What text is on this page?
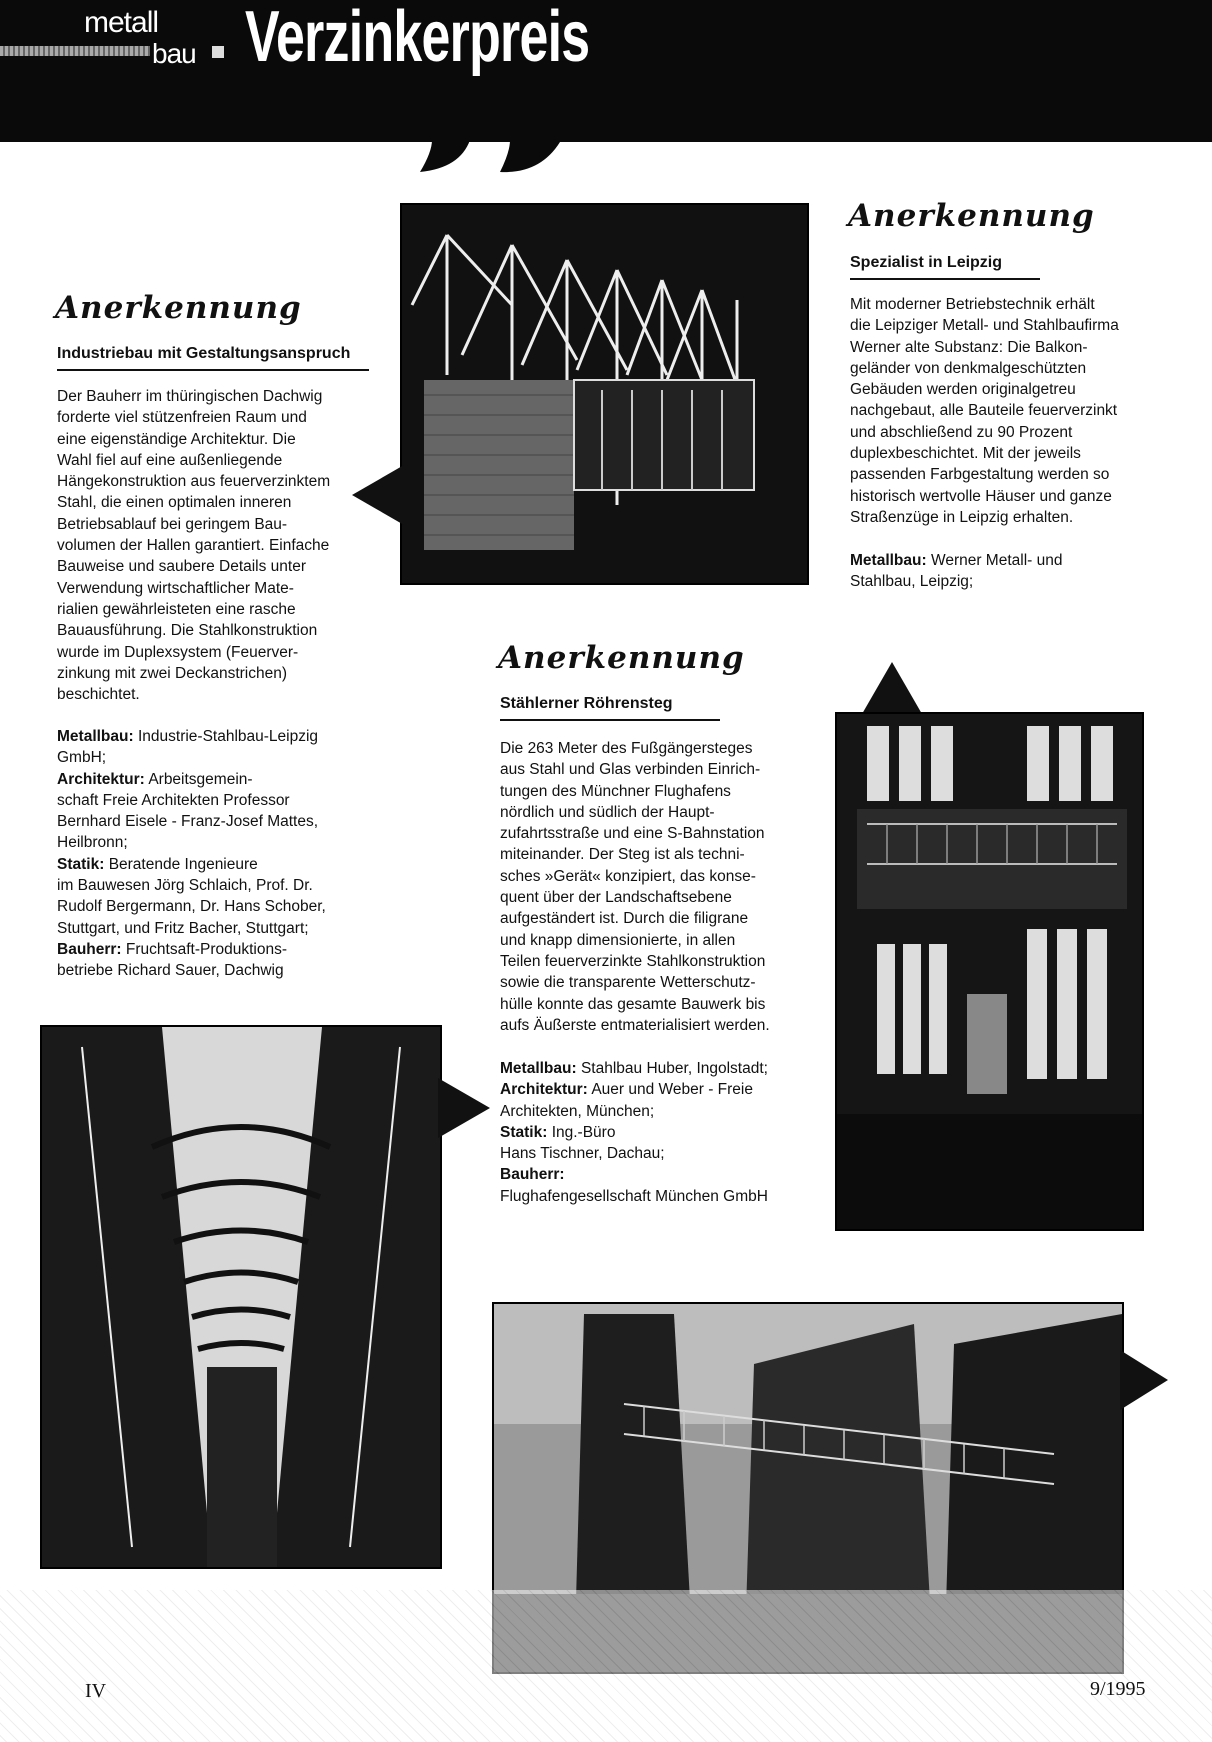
metall
bau Verzinkerpreis
Anerkennung
Industriebau mit Gestaltungsanspruch
Der Bauherr im thüringischen Dachwig
forderte viel stützenfreien Raum und
eine eigenständige Architektur. Die
Wahl fiel auf eine außenliegende
Hängekonstruktion aus feuerverzinktem
Stahl, die einen optimalen inneren
Betriebsablauf bei geringem Bau-
volumen der Hallen garantiert. Einfache
Bauweise und saubere Details unter
Verwendung wirtschaftlicher Mate-
rialien gewährleisteten eine rasche
Bauausführung. Die Stahlkonstruktion
wurde im Duplexsystem (Feuerver-
zinkung mit zwei Deckanstrichen)
beschichtet.
Metallbau: Industrie-Stahlbau-Leipzig
GmbH;
Architektur: Arbeitsgemein-
schaft Freie Architekten Professor
Bernhard Eisele - Franz-Josef Mattes,
Heilbronn;
Statik: Beratende Ingenieure
im Bauwesen Jörg Schlaich, Prof. Dr.
Rudolf Bergermann, Dr. Hans Schober,
Stuttgart, und Fritz Bacher, Stuttgart;
Bauherr: Fruchtsaft-Produktions-
betriebe Richard Sauer, Dachwig
Anerkennung
Spezialist in Leipzig
Mit moderner Betriebstechnik erhält
die Leipziger Metall- und Stahlbaufirma
Werner alte Substanz: Die Balkon-
geländer von denkmalgeschützten
Gebäuden werden originalgetreu
nachgebaut, alle Bauteile feuerverzinkt
und abschließend zu 90 Prozent
duplexbeschichtet. Mit der jeweils
passenden Farbgestaltung werden so
historisch wertvolle Häuser und ganze
Straßenzüge in Leipzig erhalten.
Metallbau: Werner Metall- und
Stahlbau, Leipzig;
Anerkennung
Stählerner Röhrensteg
Die 263 Meter des Fußgängersteges
aus Stahl und Glas verbinden Einrich-
tungen des Münchner Flughafens
nördlich und südlich der Haupt-
zufahrtsstraße und eine S-Bahnstation
miteinander. Der Steg ist als techni-
sches »Gerät« konzipiert, das konse-
quent über der Landschaftsebene
aufgeständert ist. Durch die filigrane
und knapp dimensionierte, in allen
Teilen feuerverzinkte Stahlkonstruktion
sowie die transparente Wetterschutz-
hülle konnte das gesamte Bauwerk bis
aufs Äußerste entmaterialisiert werden.
Metallbau: Stahlbau Huber, Ingolstadt;
Architektur: Auer und Weber - Freie
Architekten, München;
Statik: Ing.-Büro
Hans Tischner, Dachau;
Bauherr:
Flughafengesellschaft München GmbH
IV	9/1995
